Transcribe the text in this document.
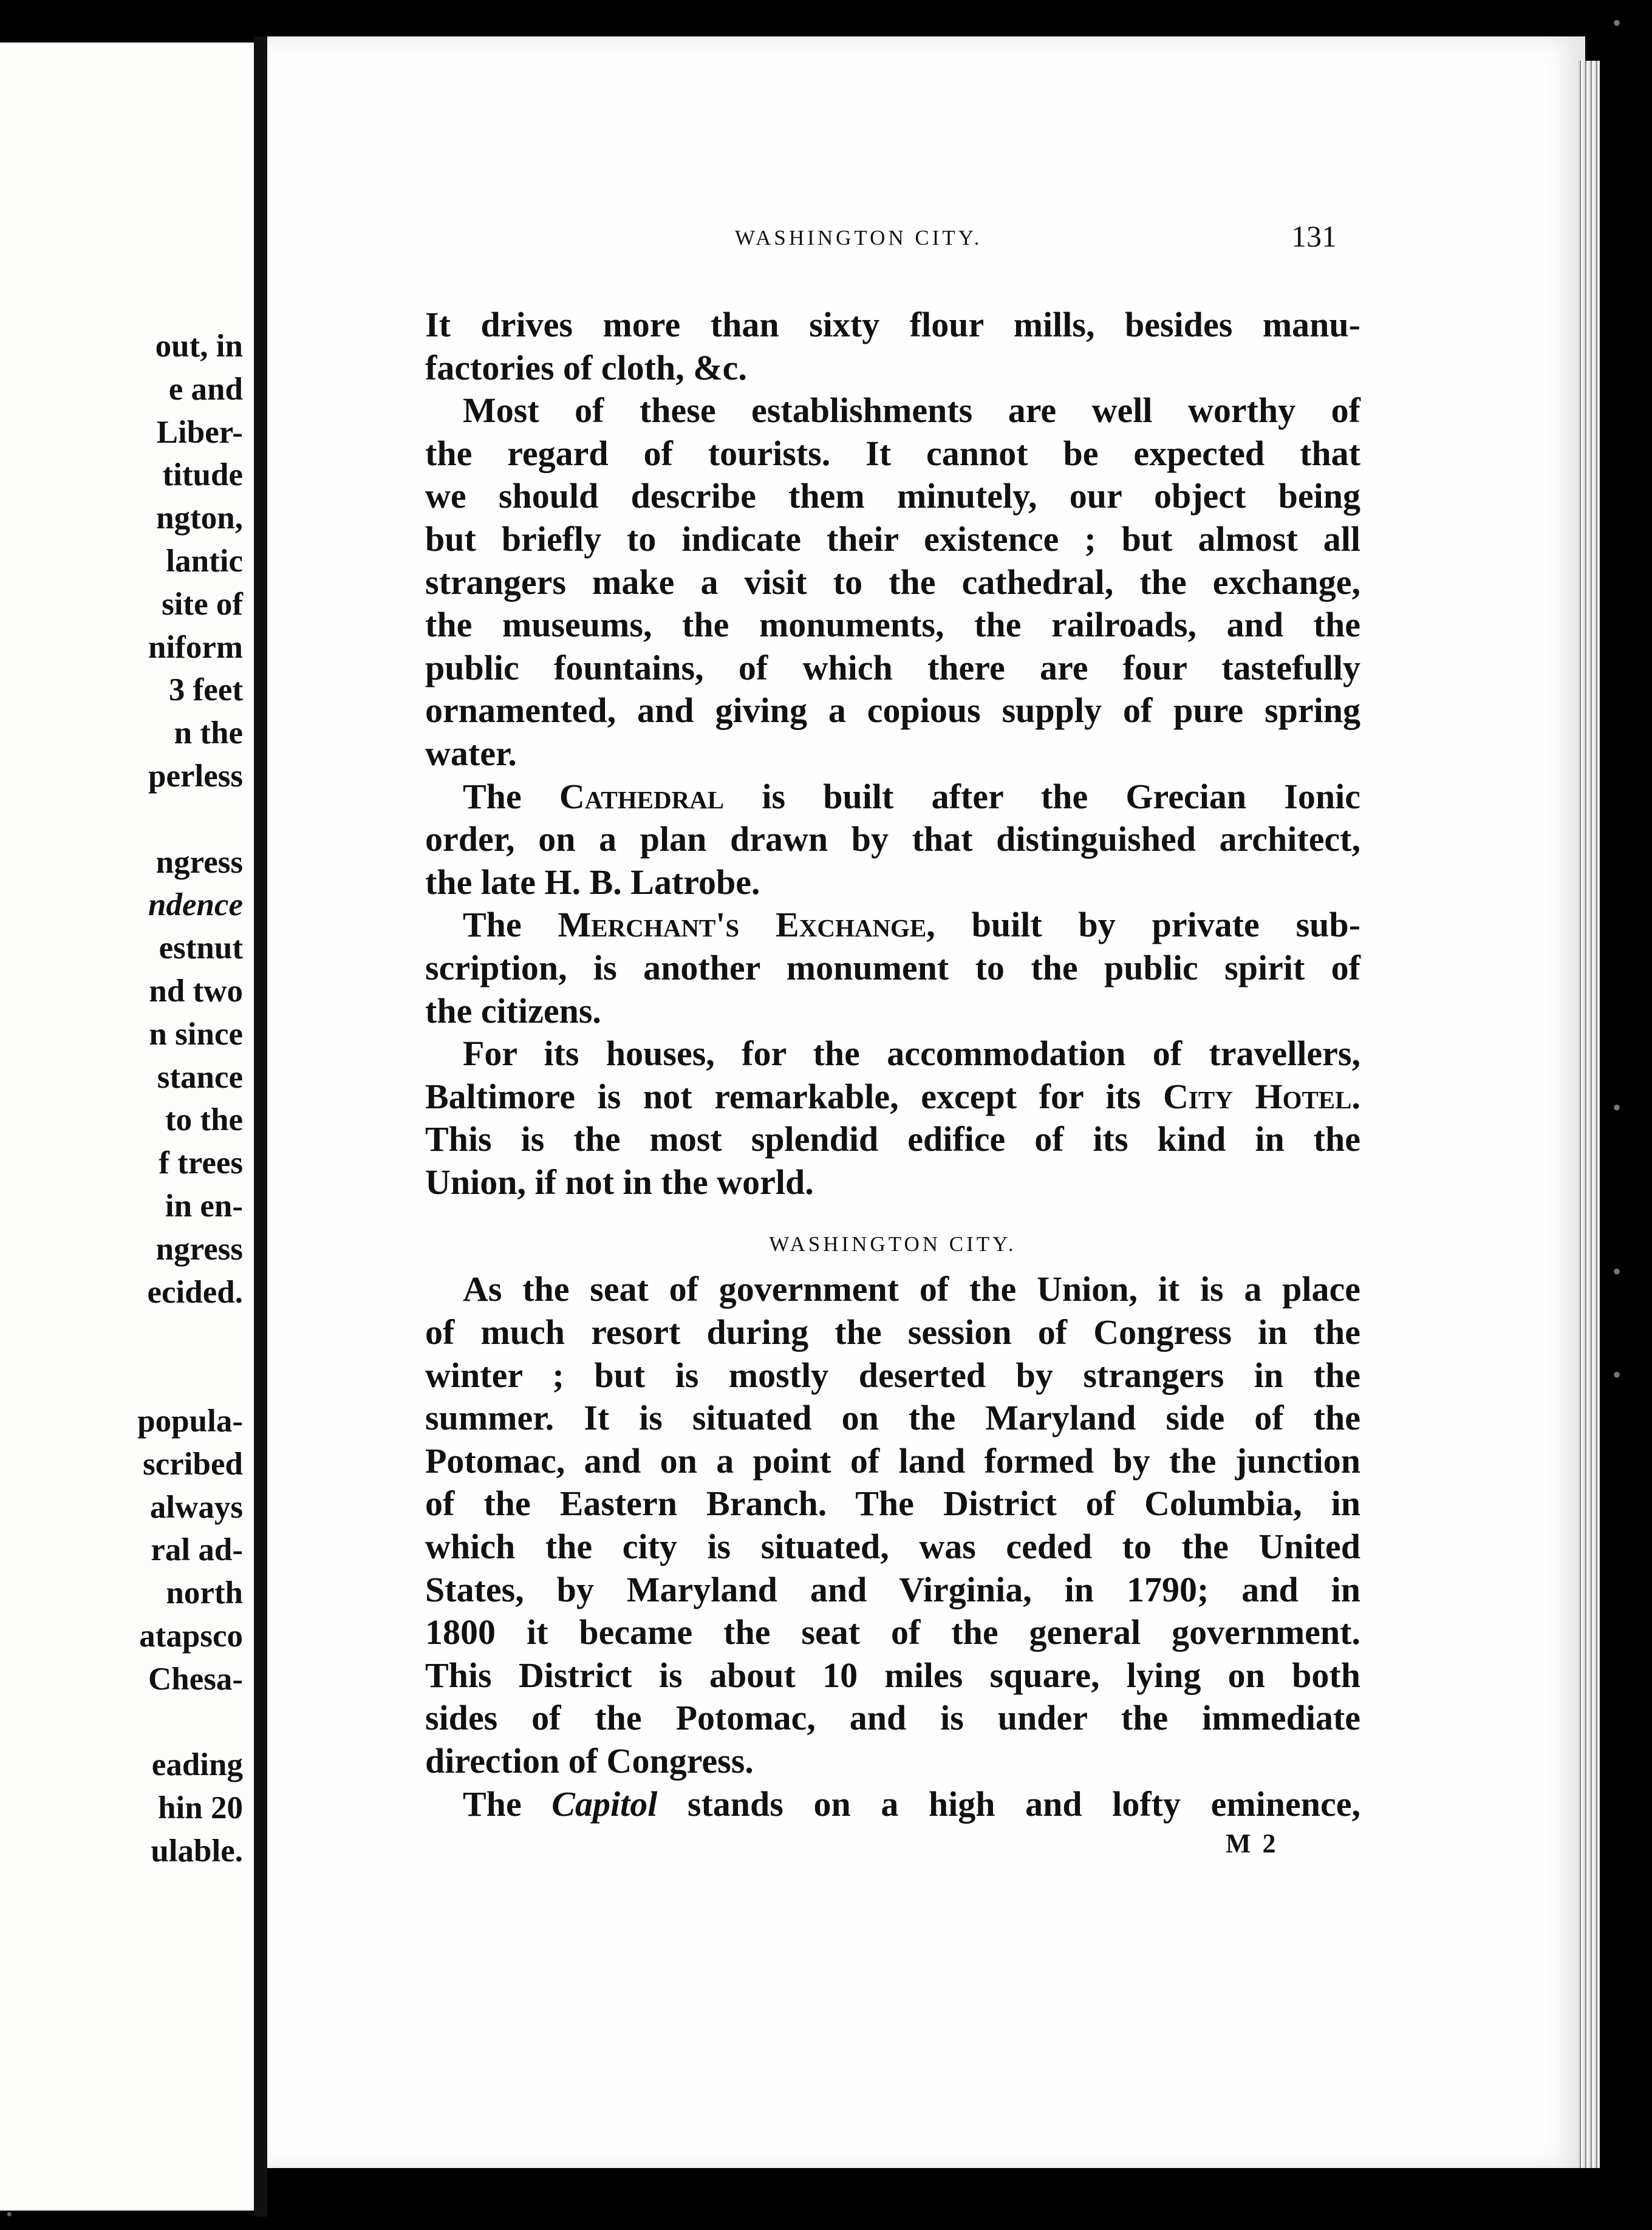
out, in
e and
Liber-
titude
ngton,
lantic
site of
niform
3 feet
n the
perless
ngress
ndence
estnut
nd two
n since
stance
to the
f trees
in en-
ngress
ecided.
popula-
scribed
always
ral ad-
north
atapsco
Chesa-
eading
hin 20
ulable.
•
•
•
•
WASHINGTON CITY.	131
It drives more than sixty flour mills, besides manu-
factories of cloth, &c.
Most of these establishments are well worthy of
the regard of tourists. It cannot be expected that
we should describe them minutely, our object being
but briefly to indicate their existence ; but almost all
strangers make a visit to the cathedral, the exchange,
the museums, the monuments, the railroads, and the
public fountains, of which there are four tastefully
ornamented, and giving a copious supply of pure spring
water.
The Cathedral is built after the Grecian Ionic
order, on a plan drawn by that distinguished architect,
the late H. B. Latrobe.
The Merchant's Exchange, built by private sub-
scription, is another monument to the public spirit of
the citizens.
For its houses, for the accommodation of travellers,
Baltimore is not remarkable, except for its City Hotel.
This is the most splendid edifice of its kind in the
Union, if not in the world.
WASHINGTON CITY.
As the seat of government of the Union, it is a place
of much resort during the session of Congress in the
winter ; but is mostly deserted by strangers in the
summer. It is situated on the Maryland side of the
Potomac, and on a point of land formed by the junction
of the Eastern Branch. The District of Columbia, in
which the city is situated, was ceded to the United
States, by Maryland and Virginia, in 1790; and in
1800 it became the seat of the general government.
This District is about 10 miles square, lying on both
sides of the Potomac, and is under the immediate
direction of Congress.
The Capitol stands on a high and lofty eminence,
M 2
•
